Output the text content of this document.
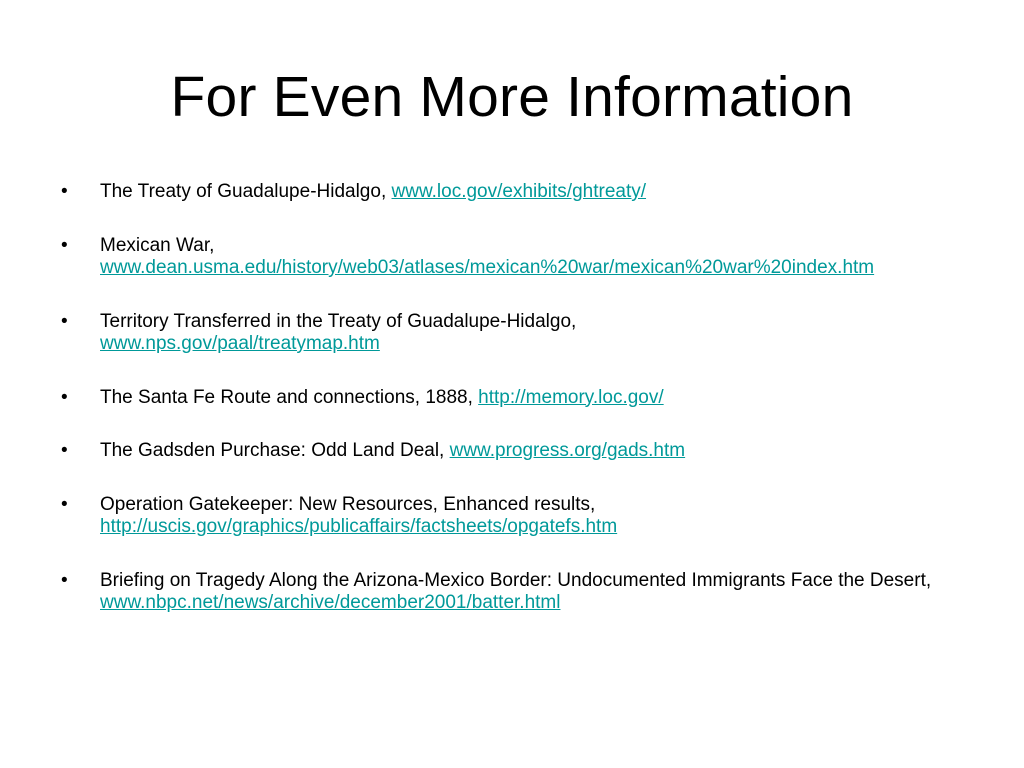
For Even More Information
• The Treaty of Guadalupe-Hidalgo, www.loc.gov/exhibits/ghtreaty/
• Mexican War,
www.dean.usma.edu/history/web03/atlases/mexican%20war/mexican%20war%20index.htm
• Territory Transferred in the Treaty of Guadalupe-Hidalgo,
www.nps.gov/paal/treatymap.htm
• The Santa Fe Route and connections, 1888, http://memory.loc.gov/
• The Gadsden Purchase: Odd Land Deal, www.progress.org/gads.htm
• Operation Gatekeeper: New Resources, Enhanced results,
http://uscis.gov/graphics/publicaffairs/factsheets/opgatefs.htm
• Briefing on Tragedy Along the Arizona-Mexico Border: Undocumented Immigrants Face the Desert, www.nbpc.net/news/archive/december2001/batter.html
